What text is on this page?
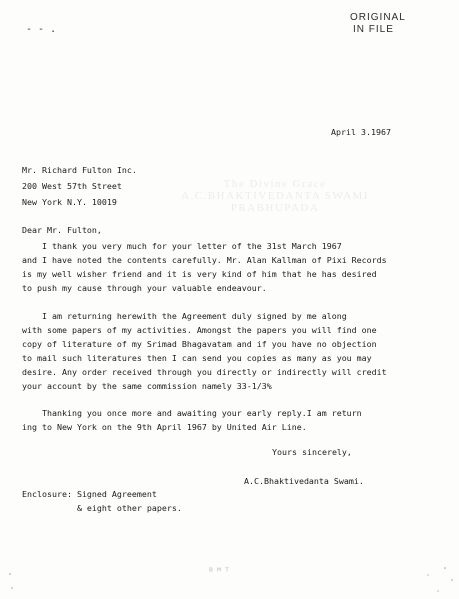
ORIGINAL
IN FILE
- ‑ .
The Divine Grace
A.C.BHAKTIVEDANTA SWAMI PRABHUPADA
April 3.1967
Mr. Richard Fulton Inc.
200 West 57th Street
New York N.Y. 10019
Dear Mr. Fulton,
I thank you very much for your letter of the 31st March 1967
and I have noted the contents carefully. Mr. Alan Kallman of Pixi Records
is my well wisher friend and it is very kind of him that he has desired
to push my cause through your valuable endeavour.
I am returning herewith the Agreement duly signed by me along
with some papers of my activities. Amongst the papers you will find one
copy of literature of my Srimad Bhagavatam and if you have no objection
to mail such literatures then I can send you copies as many as you may
desire. Any order received through you directly or indirectly will credit
your account by the same commission namely 33-1/3%
Thanking you once more and awaiting your early reply.I am return
ing to New York on the 9th April 1967 by United Air Line.
Yours sincerely,
A.C.Bhaktivedanta Swami.
Enclosure: Signed Agreement
& eight other papers.
ᴮᴹᵀ
